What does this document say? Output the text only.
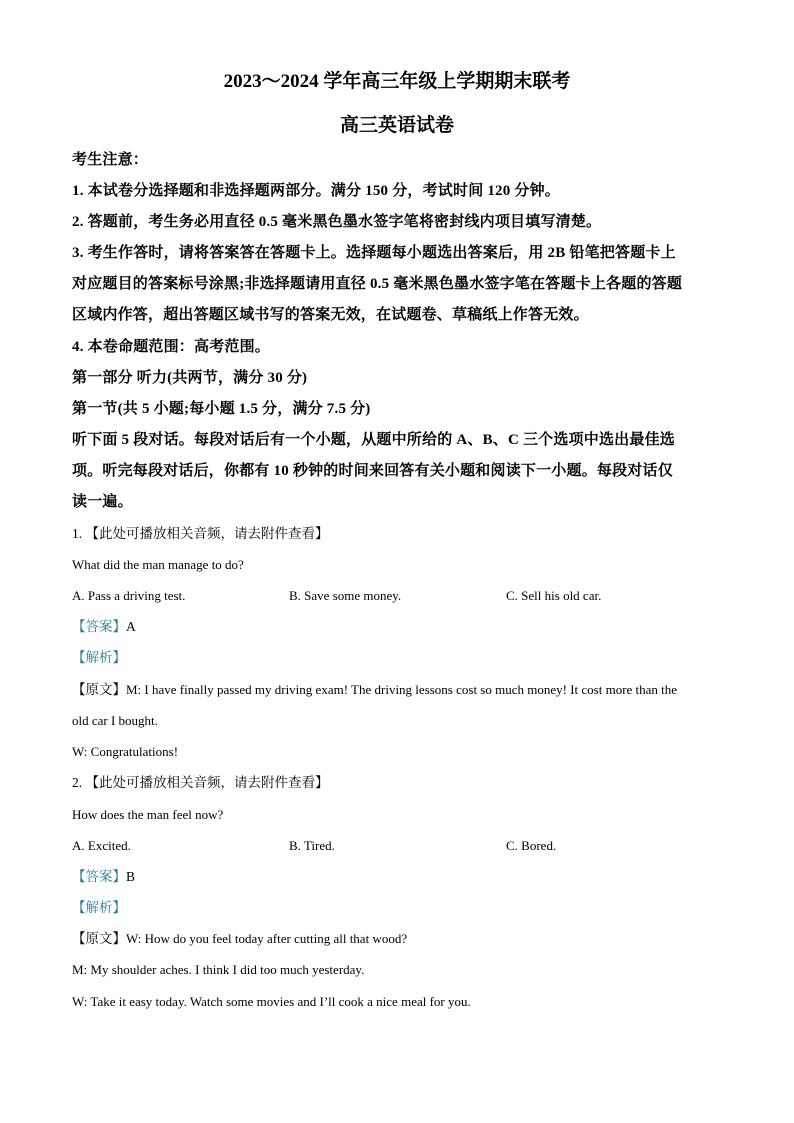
2023～2024 学年高三年级上学期期末联考
高三英语试卷

考生注意：

1. 本试卷分选择题和非选择题两部分。满分 150 分，考试时间 120 分钟。

2. 答题前，考生务必用直径 0.5 毫米黑色墨水签字笔将密封线内项目填写清楚。

3. 考生作答时，请将答案答在答题卡上。选择题每小题选出答案后，用 2B 铅笔把答题卡上

对应题目的答案标号涂黑;非选择题请用直径 0.5 毫米黑色墨水签字笔在答题卡上各题的答题

区域内作答，超出答题区域书写的答案无效，在试题卷、草稿纸上作答无效。

4. 本卷命题范围：高考范围。

第一部分 听力(共两节，满分 30 分)

第一节(共 5 小题;每小题 1.5 分，满分 7.5 分)

听下面 5 段对话。每段对话后有一个小题，从题中所给的 A、B、C 三个选项中选出最佳选

项。听完每段对话后，你都有 10 秒钟的时间来回答有关小题和阅读下一小题。每段对话仅

读一遍。

1. 【此处可播放相关音频，请去附件查看】

What did the man manage to do?

A. Pass a driving test.	B. Save some money.	C. Sell his old car.

【答案】A

【解析】

【原文】M: I have finally passed my driving exam! The driving lessons cost so much money! It cost more than the

old car I bought.

W: Congratulations!

2. 【此处可播放相关音频，请去附件查看】

How does the man feel now?

A. Excited.	B. Tired.	C. Bored.

【答案】B

【解析】

【原文】W: How do you feel today after cutting all that wood?

M: My shoulder aches. I think I did too much yesterday.

W: Take it easy today. Watch some movies and I’ll cook a nice meal for you.
